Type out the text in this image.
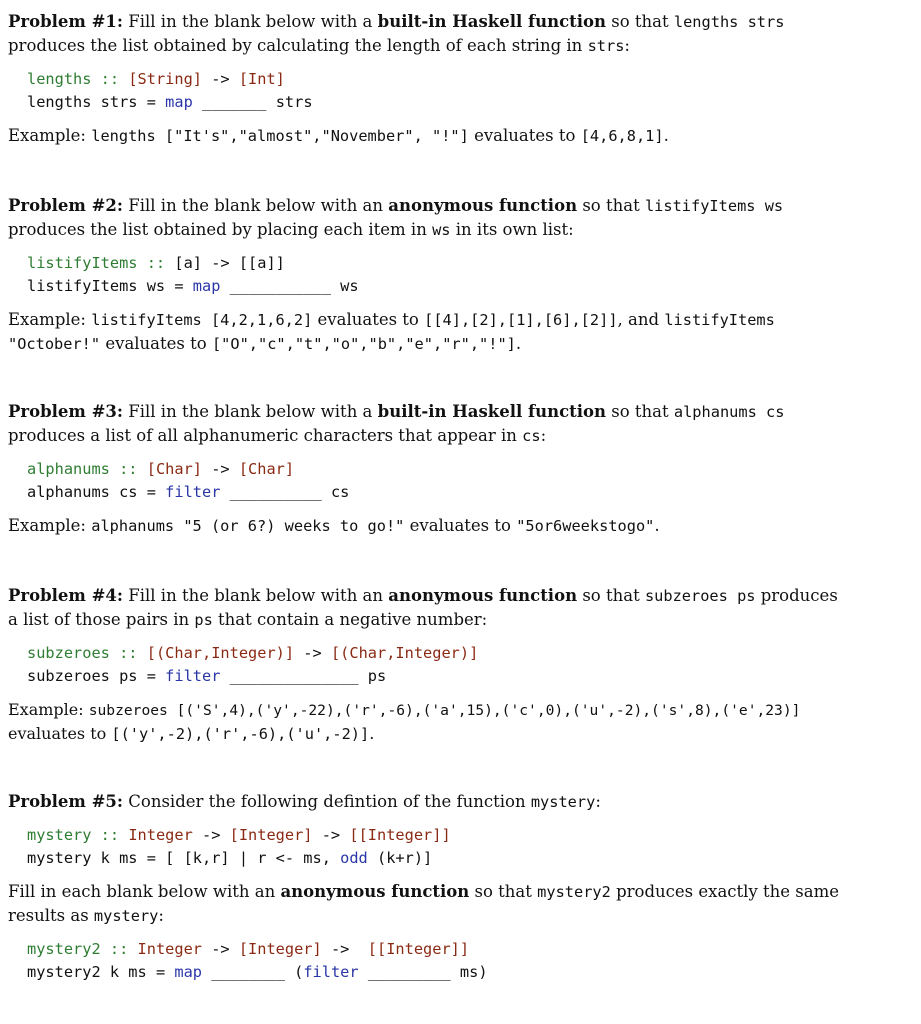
Problem #1: Fill in the blank below with a built-in Haskell function so that lengths strs
produces the list obtained by calculating the length of each string in strs:

lengths :: [String] -> [Int]
lengths strs = map _______ strs

Example: lengths ["It's","almost","November", "!"] evaluates to [4,6,8,1].

Problem #2: Fill in the blank below with an anonymous function so that listifyItems ws
produces the list obtained by placing each item in ws in its own list:

listifyItems :: [a] -> [[a]]
listifyItems ws = map ___________ ws

Example: listifyItems [4,2,1,6,2] evaluates to [[4],[2],[1],[6],[2]], and listifyItems
"October!" evaluates to ["O","c","t","o","b","e","r","!"].

Problem #3: Fill in the blank below with a built-in Haskell function so that alphanums cs
produces a list of all alphanumeric characters that appear in cs:

alphanums :: [Char] -> [Char]
alphanums cs = filter __________ cs

Example: alphanums "5 (or 6?) weeks to go!" evaluates to "5or6weekstogo".

Problem #4: Fill in the blank below with an anonymous function so that subzeroes ps produces
a list of those pairs in ps that contain a negative number:

subzeroes :: [(Char,Integer)] -> [(Char,Integer)]
subzeroes ps = filter ______________ ps

Example: subzeroes [('S',4),('y',-22),('r',-6),('a',15),('c',0),('u',-2),('s',8),('e',23)]
evaluates to [('y',-2),('r',-6),('u',-2)].

Problem #5: Consider the following defintion of the function mystery:

mystery :: Integer -> [Integer] -> [[Integer]]
mystery k ms = [ [k,r] | r <- ms, odd (k+r)]

Fill in each blank below with an anonymous function so that mystery2 produces exactly the same
results as mystery:

mystery2 :: Integer -> [Integer] ->  [[Integer]]
mystery2 k ms = map ________ (filter _________ ms)
